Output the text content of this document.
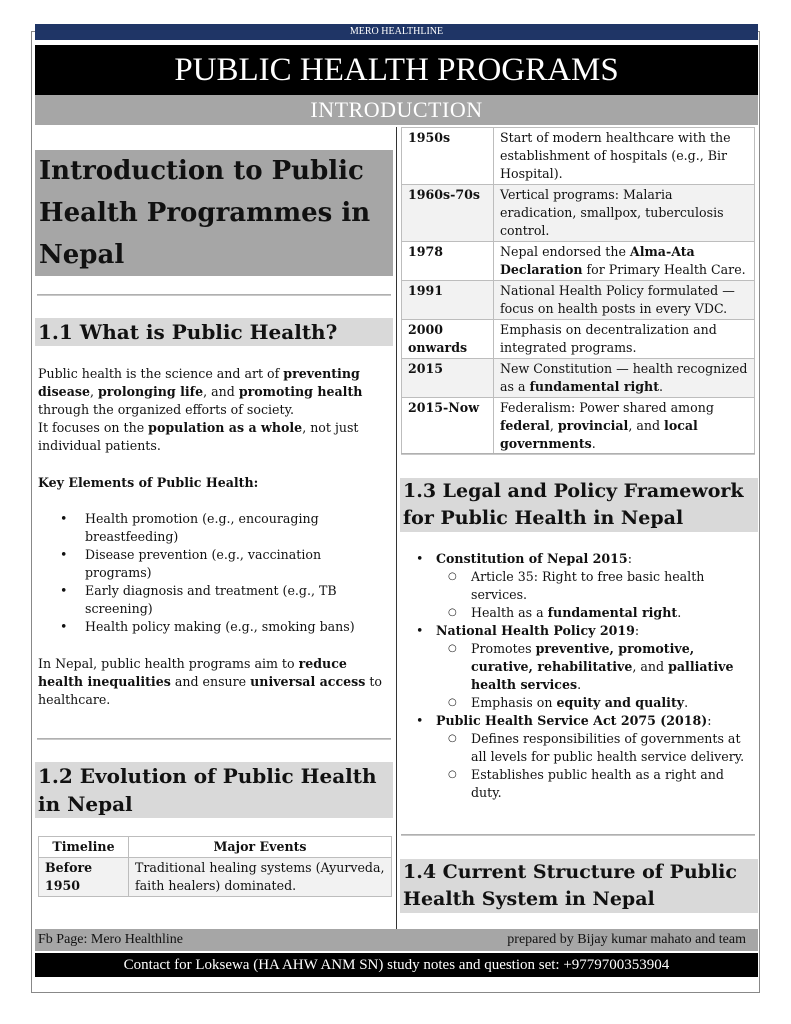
MERO HEALTHLINE
PUBLIC HEALTH PROGRAMS
INTRODUCTION
Introduction to Public Health Programmes in Nepal
1.1 What is Public Health?
Public health is the science and art of preventing disease, prolonging life, and promoting health through the organized efforts of society.
It focuses on the population as a whole, not just individual patients.
Key Elements of Public Health:
• Health promotion (e.g., encouraging breastfeeding)
• Disease prevention (e.g., vaccination programs)
• Early diagnosis and treatment (e.g., TB screening)
• Health policy making (e.g., smoking bans)
In Nepal, public health programs aim to reduce health inequalities and ensure universal access to healthcare.
1.2 Evolution of Public Health in Nepal
Timeline	Major Events
Before 1950	Traditional healing systems (Ayurveda, faith healers) dominated.
1950s	Start of modern healthcare with the establishment of hospitals (e.g., Bir Hospital).
1960s-70s	Vertical programs: Malaria eradication, smallpox, tuberculosis control.
1978	Nepal endorsed the Alma-Ata Declaration for Primary Health Care.
1991	National Health Policy formulated — focus on health posts in every VDC.
2000 onwards	Emphasis on decentralization and integrated programs.
2015	New Constitution — health recognized as a fundamental right.
2015-Now	Federalism: Power shared among federal, provincial, and local governments.
1.3 Legal and Policy Framework for Public Health in Nepal
• Constitution of Nepal 2015:
○ Article 35: Right to free basic health services.
○ Health as a fundamental right.
• National Health Policy 2019:
○ Promotes preventive, promotive, curative, rehabilitative, and palliative health services.
○ Emphasis on equity and quality.
• Public Health Service Act 2075 (2018):
○ Defines responsibilities of governments at all levels for public health service delivery.
○ Establishes public health as a right and duty.
1.4 Current Structure of Public Health System in Nepal
Fb Page: Mero Healthline	prepared by Bijay kumar mahato and team
Contact for Loksewa (HA AHW ANM SN) study notes and question set: +9779700353904
